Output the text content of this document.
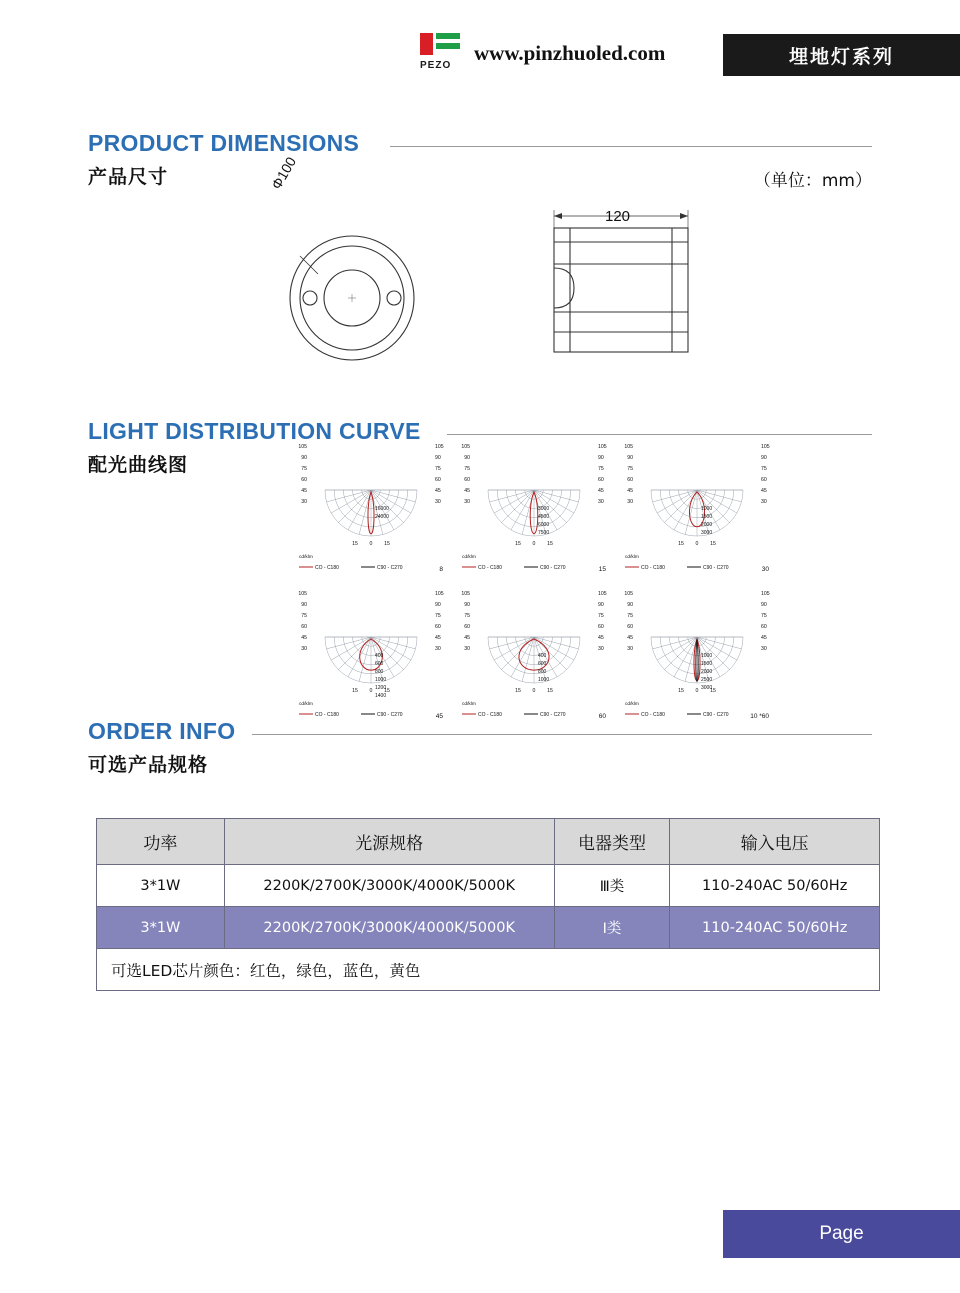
PEZO
www.pinzhuoled.com	埋地灯系列
PRODUCT DIMENSIONS
产品尺寸	（单位：mm）
Φ100
120
LIGHT DISTRIBUTION CURVE
配光曲线图
105
90
75
60
45
30
105
90
75
60
45
30
15 0 15
16000
24000
cd/klm
CO - C180	C90 - C270	8
105
90
75
60
45
30
105
90
75
60
45
30
15 0 15
3000
4500
6000
7500
cd/klm
CO - C180	C90 - C270	15
105
90
75
60
45
30
105
90
75
60
45
30
15 0 15
1000
1500
2000
3000
cd/klm
CO - C180	C90 - C270	30
105
90
75
60
45
30
105
90
75
60
45
30
15 0 15
400
600
800
1000
1200
1400
cd/klm
CO - C180	C90 - C270	45
105
90
75
60
45
30
105
90
75
60
45
30
15 0 15
400
600
800
1000
cd/klm
CO - C180	C90 - C270	60
105
90
75
60
45
30
105
90
75
60
45
30
15 0 15
1000
1500
2000
2500
3000
cd/klm
CO - C180	C90 - C270	10 *60
ORDER INFO
可选产品规格
功率	光源规格	电器类型	输入电压
3*1W	2200K/2700K/3000K/4000K/5000K	Ⅲ类	110-240AC 50/60Hz
3*1W	2200K/2700K/3000K/4000K/5000K	Ⅰ类	110-240AC 50/60Hz
可选LED芯片颜色：红色，绿色，蓝色，黄色			
Page
